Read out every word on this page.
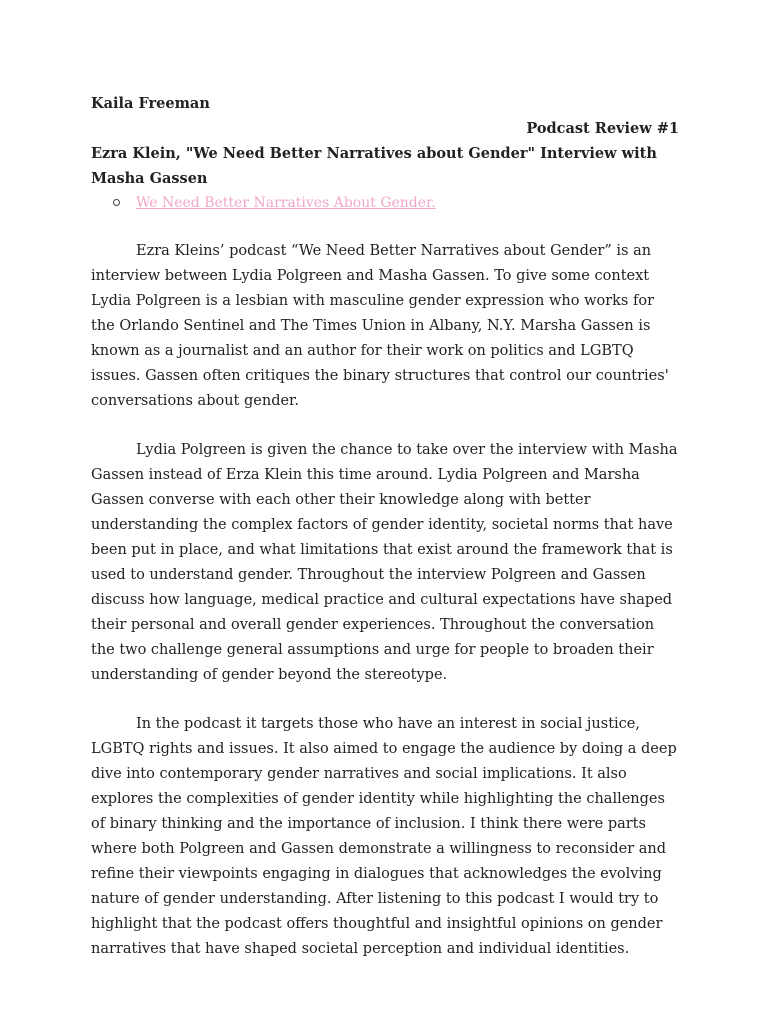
Kaila Freeman

Podcast Review #1

Ezra Klein, "We Need Better Narratives about Gender" Interview with Masha Gassen

We Need Better Narratives About Gender.

Ezra Kleins’ podcast “We Need Better Narratives about Gender” is an interview between Lydia Polgreen and Masha Gassen. To give some context Lydia Polgreen is a lesbian with masculine gender expression who works for the Orlando Sentinel and The Times Union in Albany, N.Y. Marsha Gassen is known as a journalist and an author for their work on politics and LGBTQ issues. Gassen often critiques the binary structures that control our countries' conversations about gender.

Lydia Polgreen is given the chance to take over the interview with Masha Gassen instead of Erza Klein this time around. Lydia Polgreen and Marsha Gassen converse with each other their knowledge along with better understanding the complex factors of gender identity, societal norms that have been put in place, and what limitations that exist around the framework that is used to understand gender. Throughout the interview Polgreen and Gassen discuss how language, medical practice and cultural expectations have shaped their personal and overall gender experiences. Throughout the conversation the two challenge general assumptions and urge for people to broaden their understanding of gender beyond the stereotype.

In the podcast it targets those who have an interest in social justice, LGBTQ rights and issues. It also aimed to engage the audience by doing a deep dive into contemporary gender narratives and social implications. It also explores the complexities of gender identity while highlighting the challenges of binary thinking and the importance of inclusion. I think there were parts where both Polgreen and Gassen demonstrate a willingness to reconsider and refine their viewpoints engaging in dialogues that acknowledges the evolving nature of gender understanding. After listening to this podcast I would try to highlight that the podcast offers thoughtful and insightful opinions on gender narratives that have shaped societal perception and individual identities.
